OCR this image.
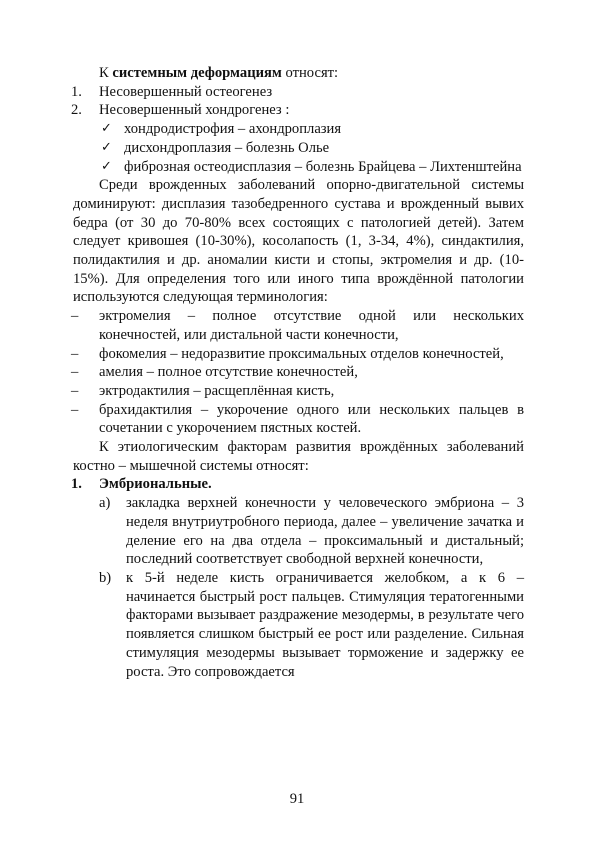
К системным деформациям относят:

1.	Несовершенный остеогенез
2.	Несовершенный хондрогенез :
✓ хондродистрофия – ахондроплазия
✓ дисхондроплазия – болезнь Олье
✓ фиброзная остеодисплазия – болезнь Брайцева – Лихтенштейна

Среди врожденных заболеваний опорно-двигательной системы доминируют: дисплазия тазобедренного сустава и врожденный вывих бедра (от 30 до 70-80% всех состоящих с патологией детей). Затем следует кривошея (10-30%), косолапость (1, 3-34, 4%), синдактилия, полидактилия и др. аномалии кисти и стопы, эктромелия и др. (10-15%). Для определения того или иного типа врождённой патологии используются следующая терминология:

– эктромелия – полное отсутствие одной или нескольких конечностей, или дистальной части конечности,
– фокомелия – недоразвитие проксимальных отделов конечностей,
– амелия – полное отсутствие конечностей,
– эктродактилия – расщеплённая кисть,
– брахидактилия – укорочение одного или нескольких пальцев в сочетании с укорочением пястных костей.

К этиологическим факторам развития врождённых заболеваний костно – мышечной системы относят:

1. Эмбриональные.
a) закладка верхней конечности у человеческого эмбриона – 3 неделя внутриутробного периода, далее – увеличение зачатка и деление его на два отдела – проксимальный и дистальный; последний соответствует свободной верхней конечности,
b) к 5-й неделе кисть ограничивается желобком, а к 6 – начинается быстрый рост пальцев. Стимуляция тератогенными факторами вызывает раздражение мезодермы, в результате чего появляется слишком быстрый ее рост или разделение. Сильная стимуляция мезодермы вызывает торможение и задержку ее роста. Это сопровождается
91
